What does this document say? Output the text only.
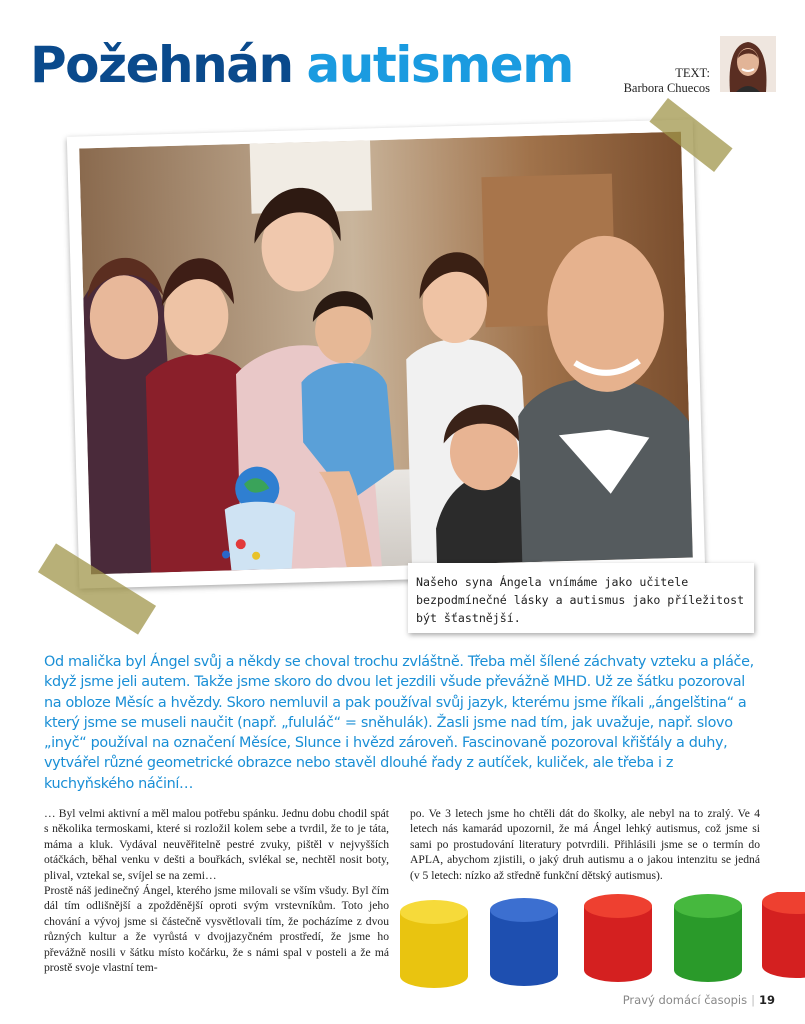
Požehnán autismem	TEXT:
Barbora Chuecos
Našeho syna Ángela vnímáme jako učitele bezpodmínečné lásky a autismus jako příležitost být šťastnější.

Od malička byl Ángel svůj a někdy se choval trochu zvláštně. Třeba měl šílené záchvaty vzteku a pláče, když jsme jeli autem. Takže jsme skoro do dvou let jezdili všude převážně MHD. Už ze šátku pozoroval na obloze Měsíc a hvězdy. Skoro nemluvil a pak používal svůj jazyk, kterému jsme říkali „ángelština“ a který jsme se museli naučit (např. „fululáč“ = sněhulák). Žasli jsme nad tím, jak uvažuje, např. slovo „inyč“ používal na označení Měsíce, Slunce i hvězd zároveň. Fascinovaně pozoroval křišťály a duhy, vytvářel různé geometrické obrazce nebo stavěl dlouhé řady z autíček, kuliček, ale třeba i z kuchyňského náčiní…

… Byl velmi aktivní a měl malou potřebu spánku. Jednu dobu chodil spát s několika termoskami, které si rozložil kolem sebe a tvrdil, že to je táta, máma a kluk. Vydával neuvěřitelně pestré zvuky, pištěl v nejvyšších otáčkách, běhal venku v dešti a bouřkách, svlékal se, nechtěl nosit boty, plival, vztekal se, svíjel se na zemi…

Prostě náš jedinečný Ángel, kterého jsme milovali se vším všudy. Byl čím dál tím odlišnější a zpožděnější oproti svým vrstevníkům. Toto jeho chování a vývoj jsme si částečně vysvětlovali tím, že pocházíme z dvou různých kultur a že vyrůstá v dvojjazyčném prostředí, že jsme ho převážně nosili v šátku místo kočárku, že s námi spal v posteli a že má prostě svoje vlastní tem-

po. Ve 3 letech jsme ho chtěli dát do školky, ale nebyl na to zralý. Ve 4 letech nás kamarád upozornil, že má Ángel lehký autismus, což jsme si sami po prostudování literatury potvrdili. Přihlásili jsme se o termín do APLA, abychom zjistili, o jaký druh autismu a o jakou intenzitu se jedná (v 5 letech: nízko až středně funkční dětský autismus).

Pravý domácí časopis | 19
